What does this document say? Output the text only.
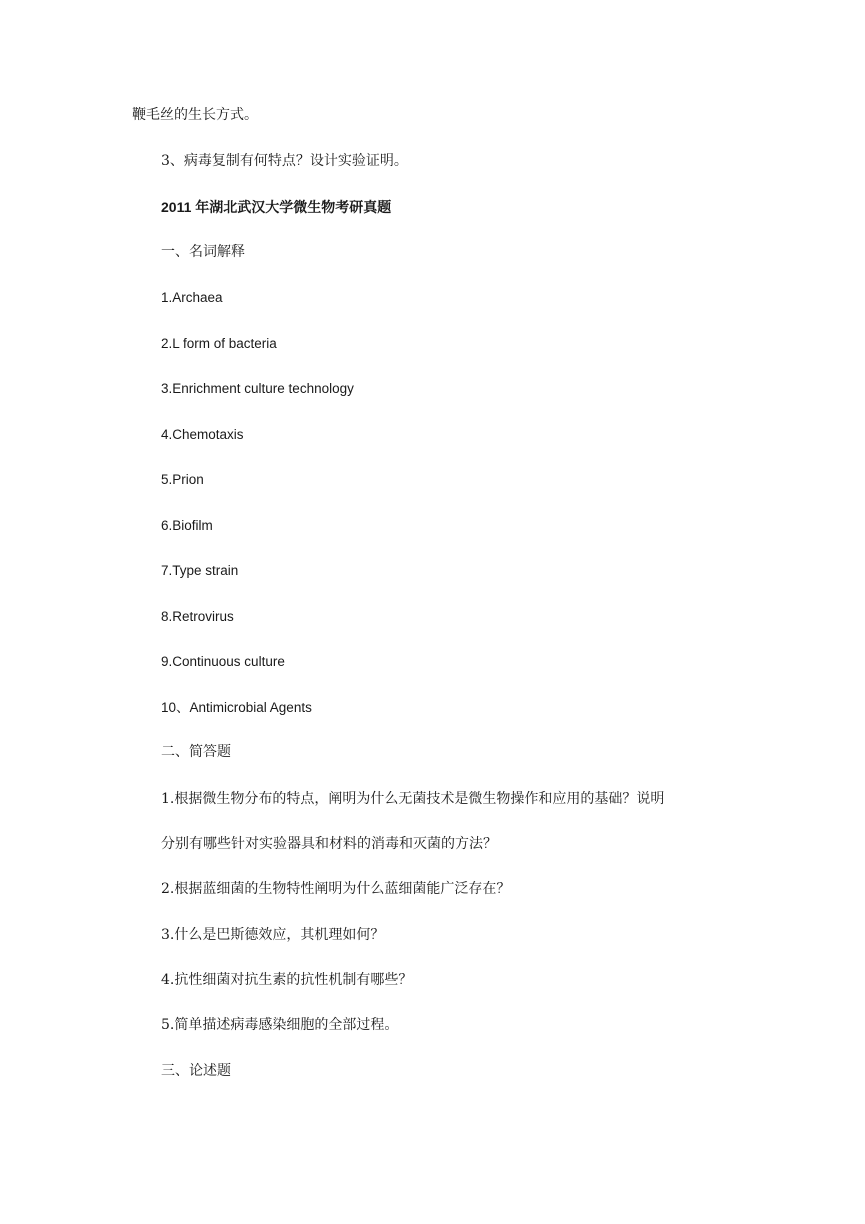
鞭毛丝的生长方式。
3、病毒复制有何特点？设计实验证明。
2011 年湖北武汉大学微生物考研真题
一、名词解释
1.Archaea
2.L form of bacteria
3.Enrichment culture technology
4.Chemotaxis
5.Prion
6.Biofilm
7.Type strain
8.Retrovirus
9.Continuous culture
10、Antimicrobial Agents
二、简答题
1.根据微生物分布的特点，阐明为什么无菌技术是微生物操作和应用的基础？说明
分别有哪些针对实验器具和材料的消毒和灭菌的方法？
2.根据蓝细菌的生物特性阐明为什么蓝细菌能广泛存在？
3.什么是巴斯德效应，其机理如何？
4.抗性细菌对抗生素的抗性机制有哪些？
5.简单描述病毒感染细胞的全部过程。
三、论述题
